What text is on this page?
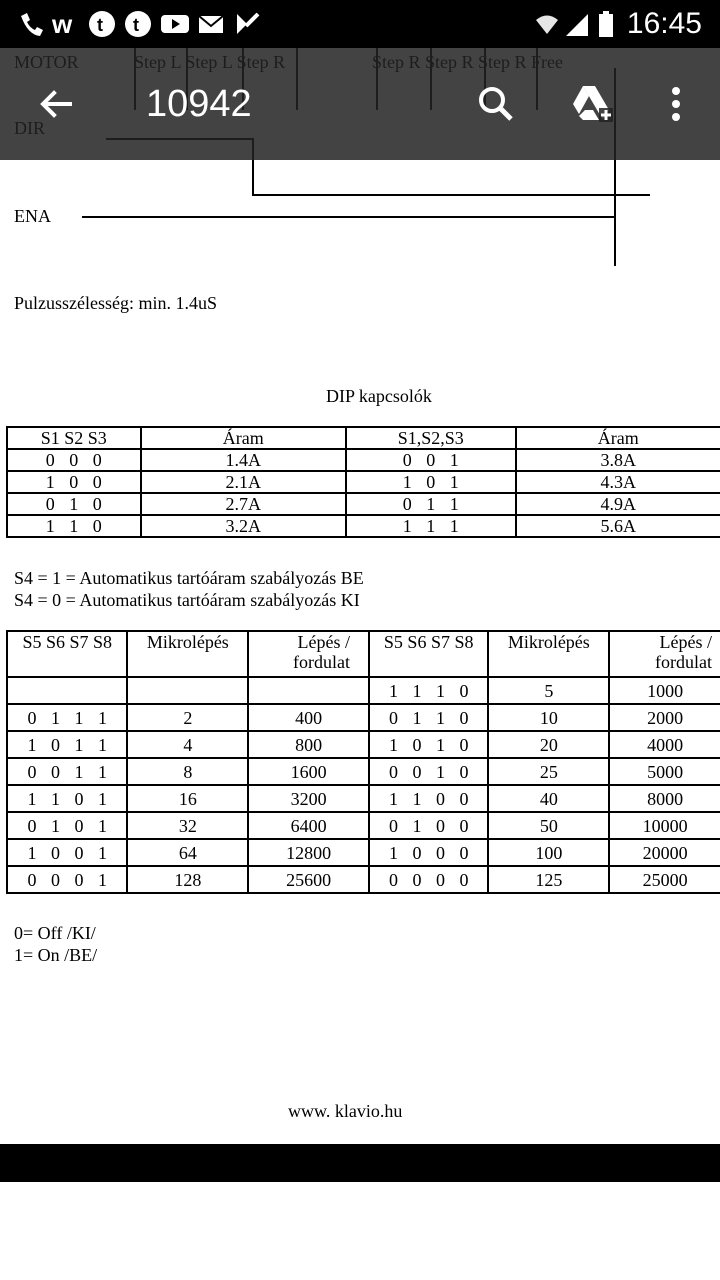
w t t	16:45
ENA
Pulzusszélesség: min. 1.4uS
DIP kapcsolók
S4 = 1 = Automatikus tartóáram szabályozás BE
S4 = 0 = Automatikus tartóáram szabályozás KI
0= Off /KI/
1= On /BE/
www. klavio.hu
S1 S2 S3	Áram	S1,S2,S3	Áram
0 0 0	1.4A	0 0 1	3.8A
1 0 0	2.1A	1 0 1	4.3A
0 1 0	2.7A	0 1 1	4.9A
1 1 0	3.2A	1 1 1	5.6A
S5 S6 S7 S8	Mikrolépés	Lépés / fordulat	S5 S6 S7 S8	Mikrolépés	Lépés / fordulat
			1 1 1 0	5	1000
0 1 1 1	2	400	0 1 1 0	10	2000
1 0 1 1	4	800	1 0 1 0	20	4000
0 0 1 1	8	1600	0 0 1 0	25	5000
1 1 0 1	16	3200	1 1 0 0	40	8000
0 1 0 1	32	6400	0 1 0 0	50	10000
1 0 0 1	64	12800	1 0 0 0	100	20000
0 0 0 1	128	25600	0 0 0 0	125	25000
10942
